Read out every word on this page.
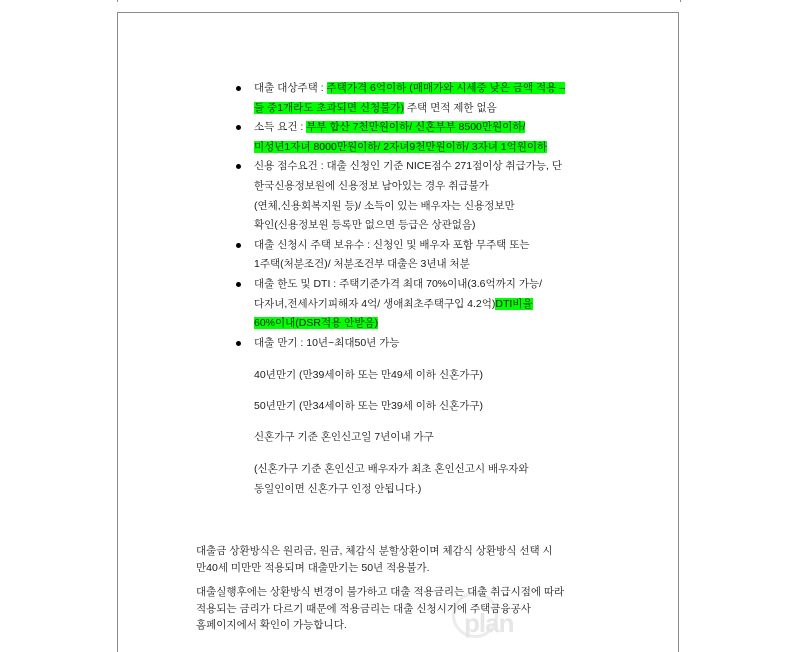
plan
대출 대상주택 : 주택가격 6억이하 (매매가와 시세중 낮은 금액 적용 –
둘 중1개라도 초과되면 신청불가) 주택 면적 제한 없음
소득 요건 : 부부 합산 7천만원이하/ 신혼부부 8500만원이하/
미성년1자녀 8000만원이하/ 2자녀9천만원이하/ 3자녀 1억원이하
신용 점수요건 : 대출 신청인 기준 NICE점수 271점이상 취급가능, 단
한국신용정보원에 신용정보 남아있는 경우 취급불가
(연체,신용회복지원 등)/ 소득이 있는 배우자는 신용정보만
확인(신용정보원 등록만 없으면 등급은 상관없음)
대출 신청시 주택 보유수 : 신청인 및 배우자 포함 무주택 또는
1주택(처분조건)/ 처분조건부 대출은 3년내 처분
대출 한도 및 DTI : 주택기준가격 최대 70%이내(3.6억까지 가능/
다자녀,전세사기피해자 4억/ 생애최초주택구입 4.2억)DTI비율
60%이내(DSR적용 안받음)
대출 만기 : 10년~최대50년 가능
40년만기 (만39세이하 또는 만49세 이하 신혼가구)
50년만기 (만34세이하 또는 만39세 이하 신혼가구)
신혼가구 기준 혼인신고일 7년이내 가구
(신혼가구 기준 혼인신고 배우자가 최초 혼인신고시 배우자와
동일인이면 신혼가구 인정 안됩니다.)
대출금 상환방식은 원리금, 원금, 체감식 분할상환이며 체감식 상환방식 선택 시
만40세 미만만 적용되며 대출만기는 50년 적용불가.
대출실행후에는 상환방식 변경이 불가하고 대출 적용금리는 대출 취급시점에 따라
적용되는 금리가 다르기 때문에 적용금리는 대출 신청시기에 주택금융공사
홈페이지에서 확인이 가능합니다.
